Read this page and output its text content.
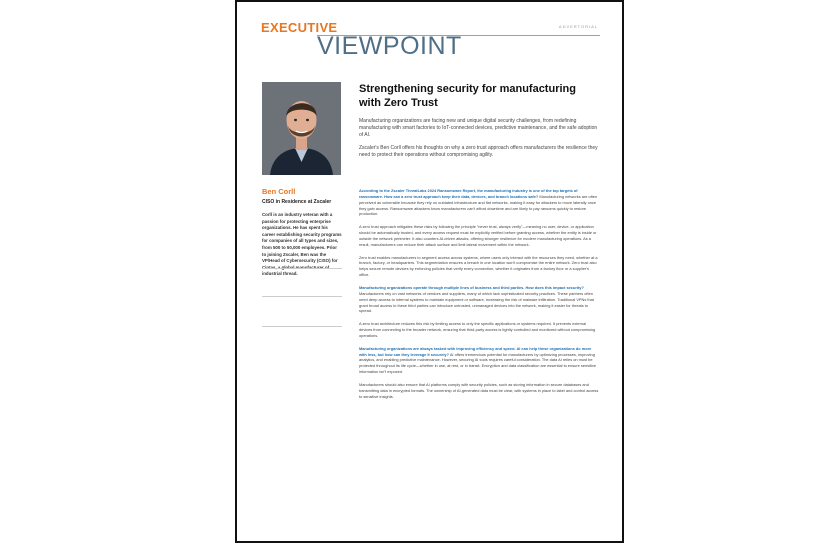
EXECUTIVE
VIEWPOINT
ADVERTORIAL
Ben Corll
CISO in Residence at Zscaler
Corll is an industry veteran with a passion for protecting enterprise organizations. He has spent his career establishing security programs for companies of all types and sizes, from 500 to 50,000 employees. Prior to joining Zscaler, Ben was the VP/Head of Cybersecurity (CISO) for industrial thread.
Strengthening security for manufacturing with Zero Trust

Manufacturing organizations are facing new and unique digital security challenges, from redefining manufacturing with smart factories to IoT-connected devices, predictive maintenance, and the safe adoption of AI.

Zscaler's Ben Corll offers his thoughts on why a zero trust approach offers manufacturers the resilience they need to protect their operations without compromising agility.

According to the Zscaler ThreatLabz 2024 Ransomware Report, the manufacturing industry is one of the top targets of ransomware. How can a zero trust approach keep their data, devices, and branch locations safe? Manufacturing networks are often perceived as vulnerable because they rely on outdated infrastructure and flat networks, making it easy for attackers to move laterally once they gain access. Ransomware attackers know manufacturers can't afford downtime and are likely to pay ransoms quickly to restore production.

A zero trust approach mitigates these risks by following the principle "never trust, always verify"—meaning no user, device, or application should be automatically trusted, and every access request must be explicitly verified before granting access, whether the entity is inside or outside the network perimeter. It also counters AI-driven attacks, offering stronger resilience for modern manufacturing operations. As a result, manufacturers can reduce their attack surface and limit lateral movement within the network.

Zero trust enables manufacturers to segment access across systems, where users only interact with the resources they need, whether at a branch, factory, or headquarters. This segmentation ensures a breach in one location won't compromise the entire network. Zero trust also helps secure remote devices by enforcing policies that verify every connection, whether it originates from a factory floor or a supplier's office.

Manufacturing organizations operate through multiple lines of business and third parties. How does this impact security? Manufacturers rely on vast networks of vendors and suppliers, many of which lack sophisticated security practices. These partners often need deep access to internal systems to maintain equipment or software, increasing the risk of malware infiltration. Traditional VPNs that grant broad access to these third parties can introduce untrusted, unmanaged devices into the network, making it easier for threats to spread.

A zero trust architecture reduces this risk by limiting access to only the specific applications or systems required. It prevents external devices from connecting to the broader network, ensuring that third-party access is tightly controlled and monitored without compromising operations.

Manufacturing organizations are always tasked with improving efficiency and speed. AI can help these organizations do more with less, but how can they leverage it securely? AI offers tremendous potential for manufacturers by optimizing processes, improving analytics, and enabling predictive maintenance. However, securing AI tools requires careful consideration. The data AI relies on must be protected throughout its life cycle—whether in use, at rest, or in transit. Encryption and data classification are essential to ensure sensitive information isn't exposed.

Manufacturers should also ensure that AI platforms comply with security policies, such as storing information in secure databases and transmitting data in encrypted formats. The ownership of AI-generated data must be clear, with systems in place to label and control access to sensitive insights.
